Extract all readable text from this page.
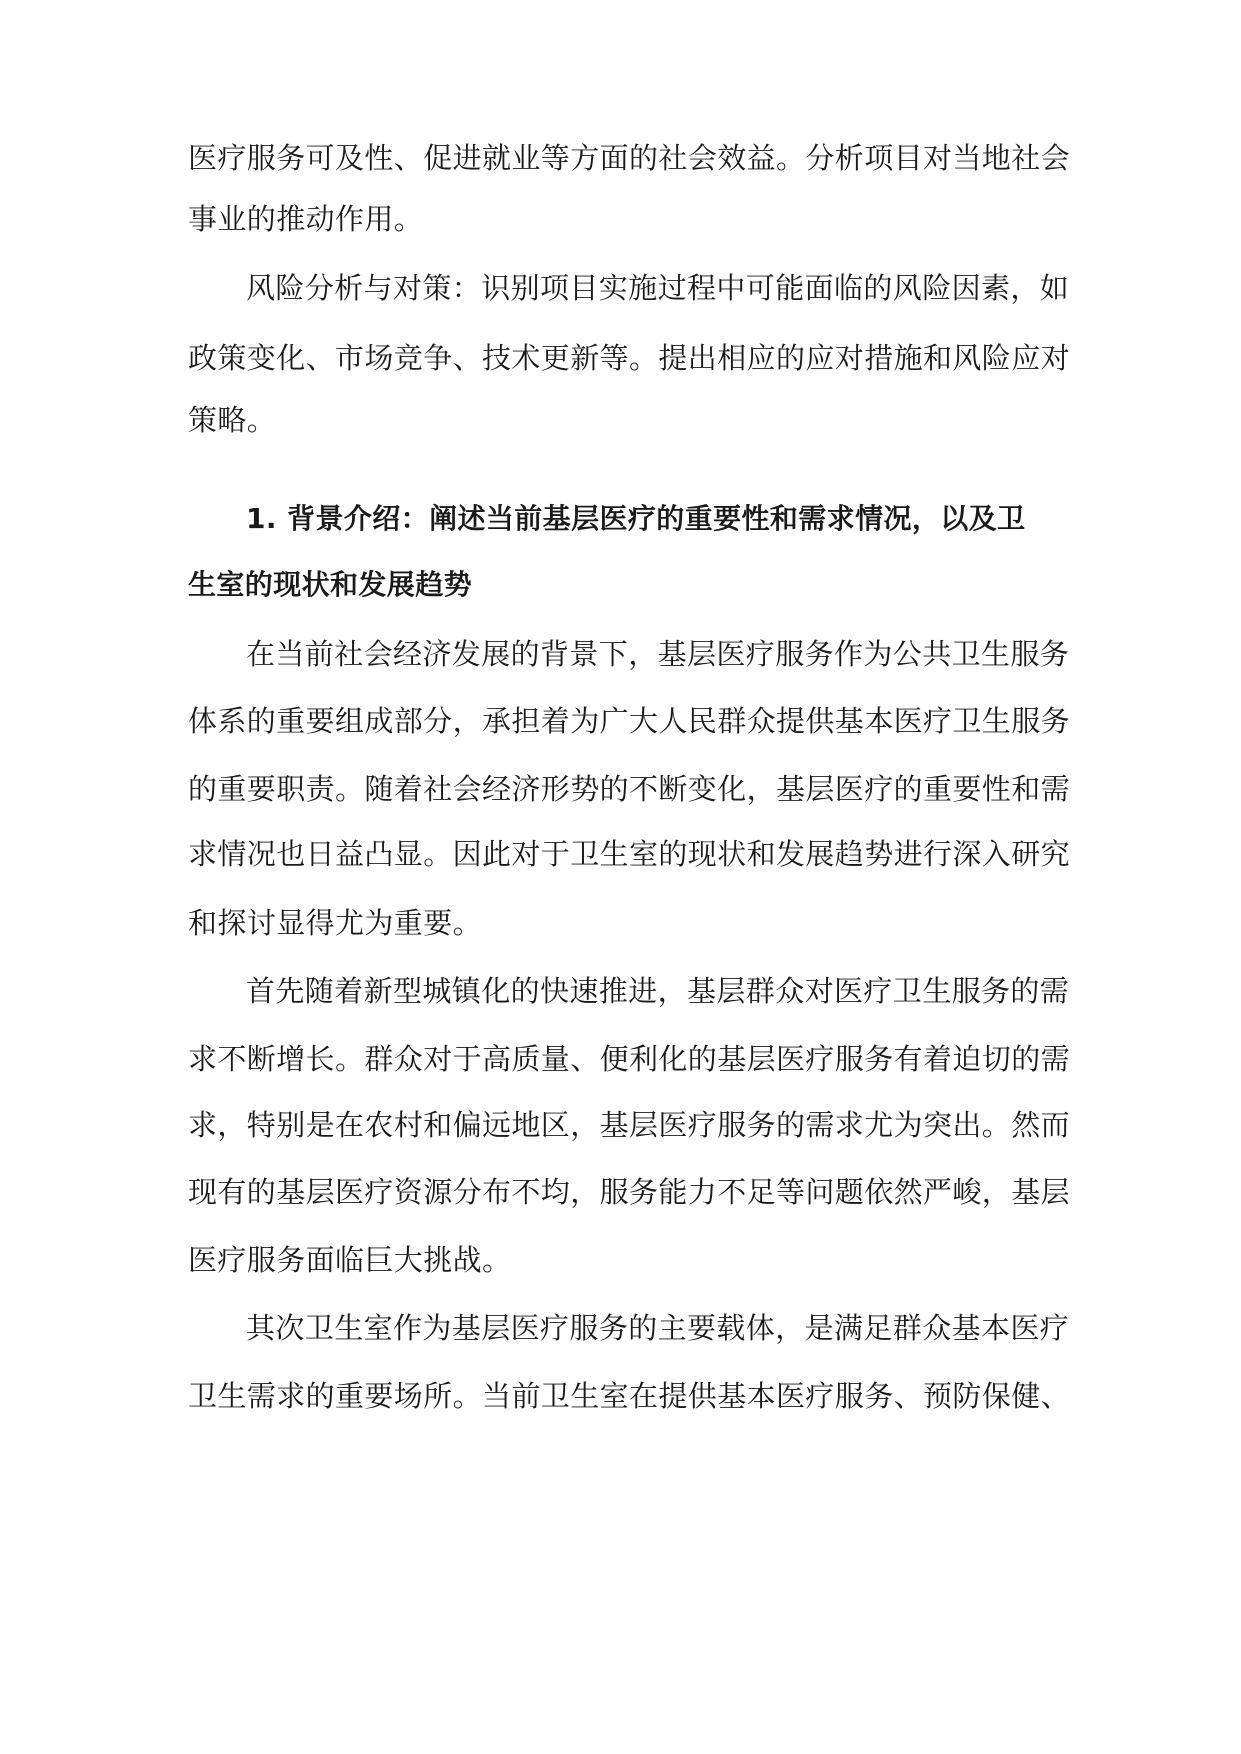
医疗服务可及性、促进就业等方面的社会效益。分析项目对当地社会
事业的推动作用。
风险分析与对策：识别项目实施过程中可能面临的风险因素，如
政策变化、市场竞争、技术更新等。提出相应的应对措施和风险应对
策略。
1. 背景介绍：阐述当前基层医疗的重要性和需求情况，以及卫
生室的现状和发展趋势
在当前社会经济发展的背景下，基层医疗服务作为公共卫生服务
体系的重要组成部分，承担着为广大人民群众提供基本医疗卫生服务
的重要职责。随着社会经济形势的不断变化，基层医疗的重要性和需
求情况也日益凸显。因此对于卫生室的现状和发展趋势进行深入研究
和探讨显得尤为重要。
首先随着新型城镇化的快速推进，基层群众对医疗卫生服务的需
求不断增长。群众对于高质量、便利化的基层医疗服务有着迫切的需
求，特别是在农村和偏远地区，基层医疗服务的需求尤为突出。然而
现有的基层医疗资源分布不均，服务能力不足等问题依然严峻，基层
医疗服务面临巨大挑战。
其次卫生室作为基层医疗服务的主要载体，是满足群众基本医疗
卫生需求的重要场所。当前卫生室在提供基本医疗服务、预防保健、
